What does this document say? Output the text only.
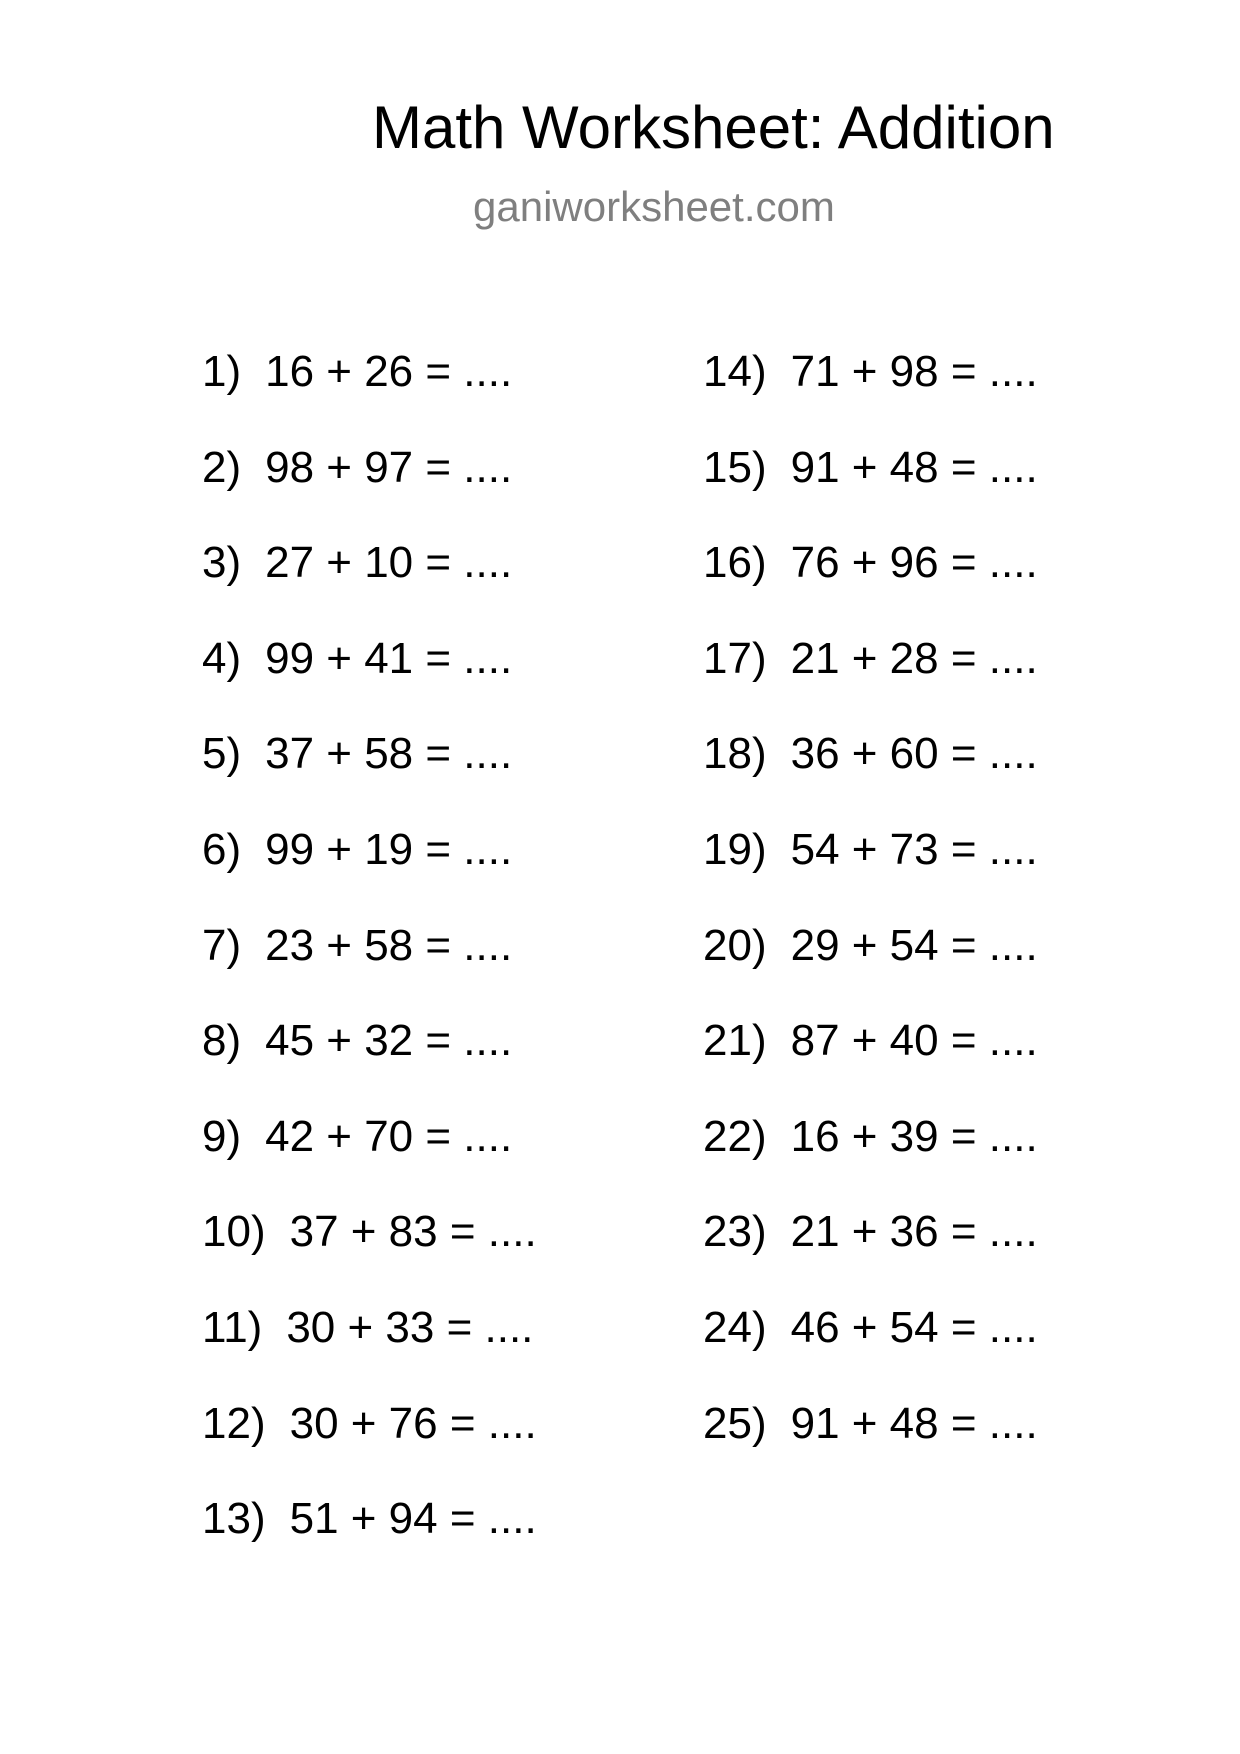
Math Worksheet: Addition
ganiworksheet.com
1) 16 + 26 = ....
2) 98 + 97 = ....
3) 27 + 10 = ....
4) 99 + 41 = ....
5) 37 + 58 = ....
6) 99 + 19 = ....
7) 23 + 58 = ....
8) 45 + 32 = ....
9) 42 + 70 = ....
10) 37 + 83 = ....
11) 30 + 33 = ....
12) 30 + 76 = ....
13) 51 + 94 = ....
14) 71 + 98 = ....
15) 91 + 48 = ....
16) 76 + 96 = ....
17) 21 + 28 = ....
18) 36 + 60 = ....
19) 54 + 73 = ....
20) 29 + 54 = ....
21) 87 + 40 = ....
22) 16 + 39 = ....
23) 21 + 36 = ....
24) 46 + 54 = ....
25) 91 + 48 = ....
